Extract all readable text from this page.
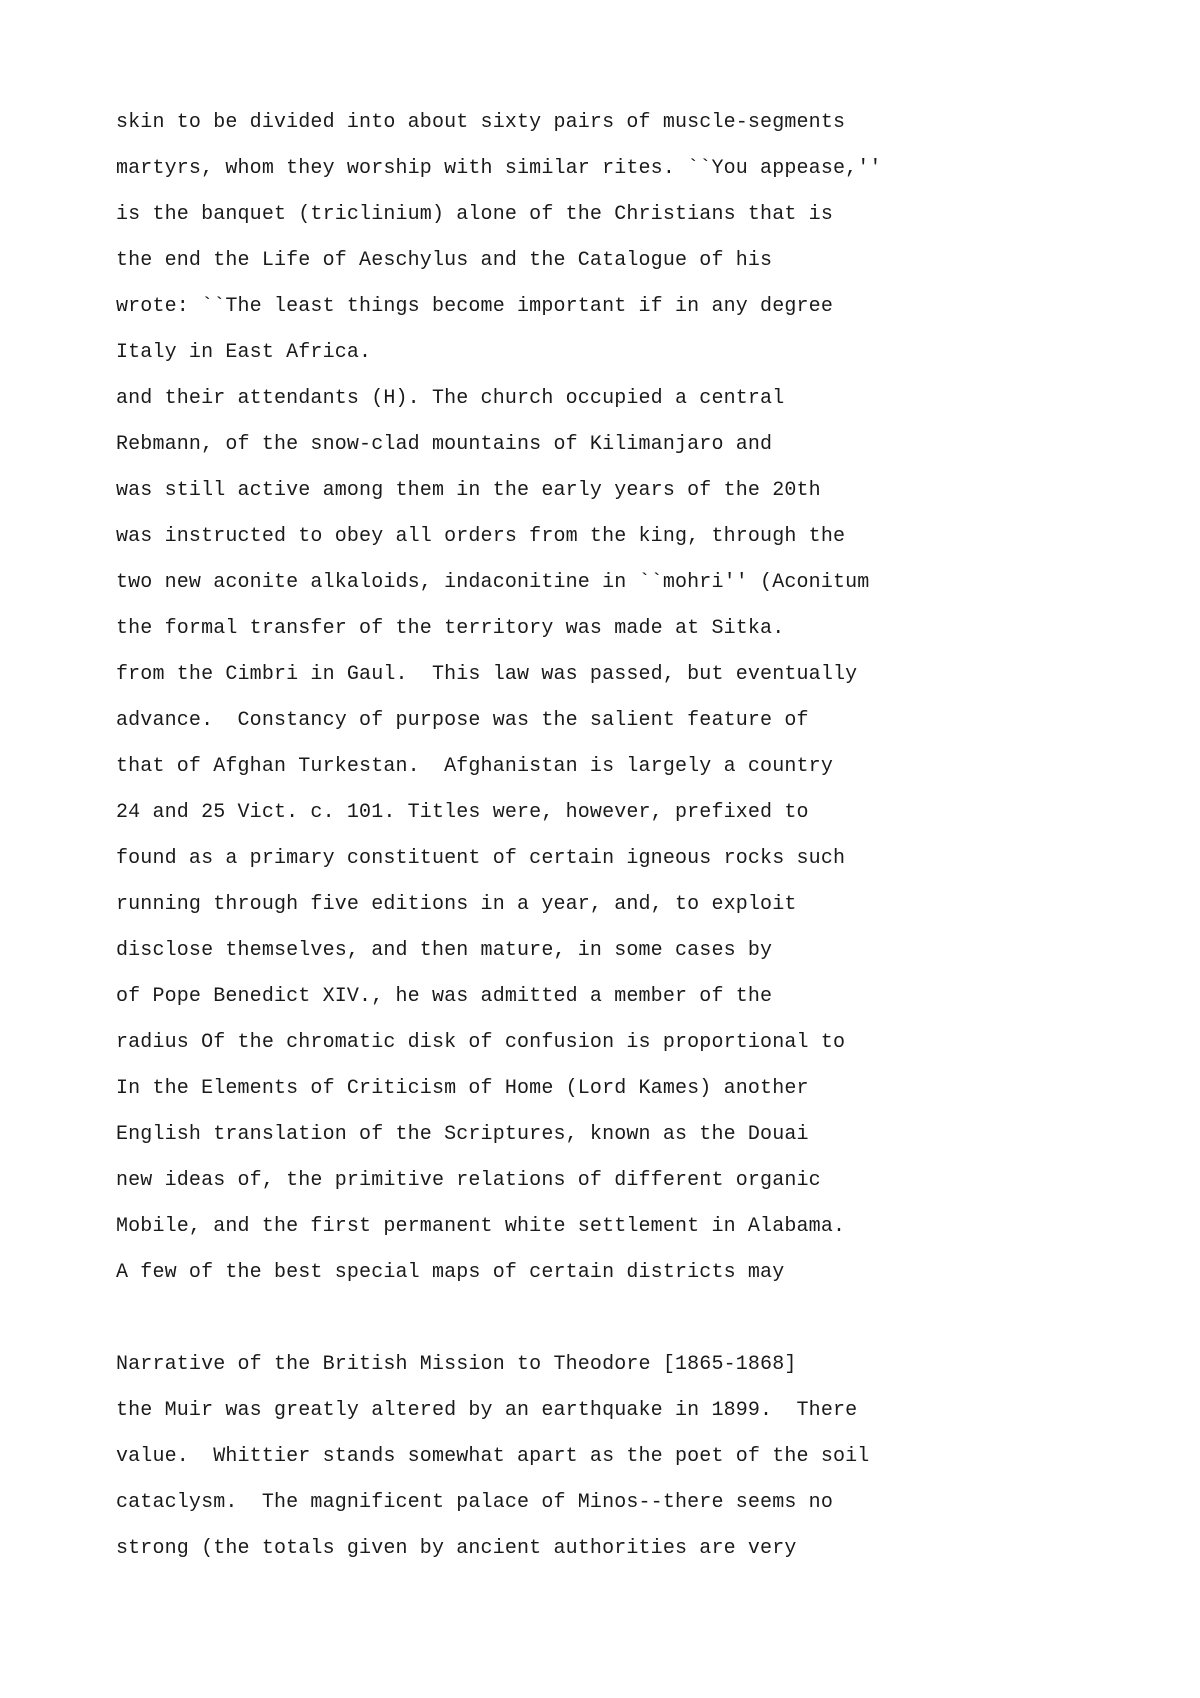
skin to be divided into about sixty pairs of muscle-segments
martyrs, whom they worship with similar rites. ``You appease,''
is the banquet (triclinium) alone of the Christians that is
the end the Life of Aeschylus and the Catalogue of his
wrote: ``The least things become important if in any degree
Italy in East Africa.
and their attendants (H). The church occupied a central
Rebmann, of the snow-clad mountains of Kilimanjaro and
was still active among them in the early years of the 20th
was instructed to obey all orders from the king, through the
two new aconite alkaloids, indaconitine in ``mohri'' (Aconitum
the formal transfer of the territory was made at Sitka.
from the Cimbri in Gaul.  This law was passed, but eventually
advance.  Constancy of purpose was the salient feature of
that of Afghan Turkestan.  Afghanistan is largely a country
24 and 25 Vict. c. 101. Titles were, however, prefixed to
found as a primary constituent of certain igneous rocks such
running through five editions in a year, and, to exploit
disclose themselves, and then mature, in some cases by
of Pope Benedict XIV., he was admitted a member of the
radius Of the chromatic disk of confusion is proportional to
In the Elements of Criticism of Home (Lord Kames) another
English translation of the Scriptures, known as the Douai
new ideas of, the primitive relations of different organic
Mobile, and the first permanent white settlement in Alabama.
A few of the best special maps of certain districts may
Narrative of the British Mission to Theodore [1865-1868]
the Muir was greatly altered by an earthquake in 1899.  There
value.  Whittier stands somewhat apart as the poet of the soil
cataclysm.  The magnificent palace of Minos--there seems no
strong (the totals given by ancient authorities are very
